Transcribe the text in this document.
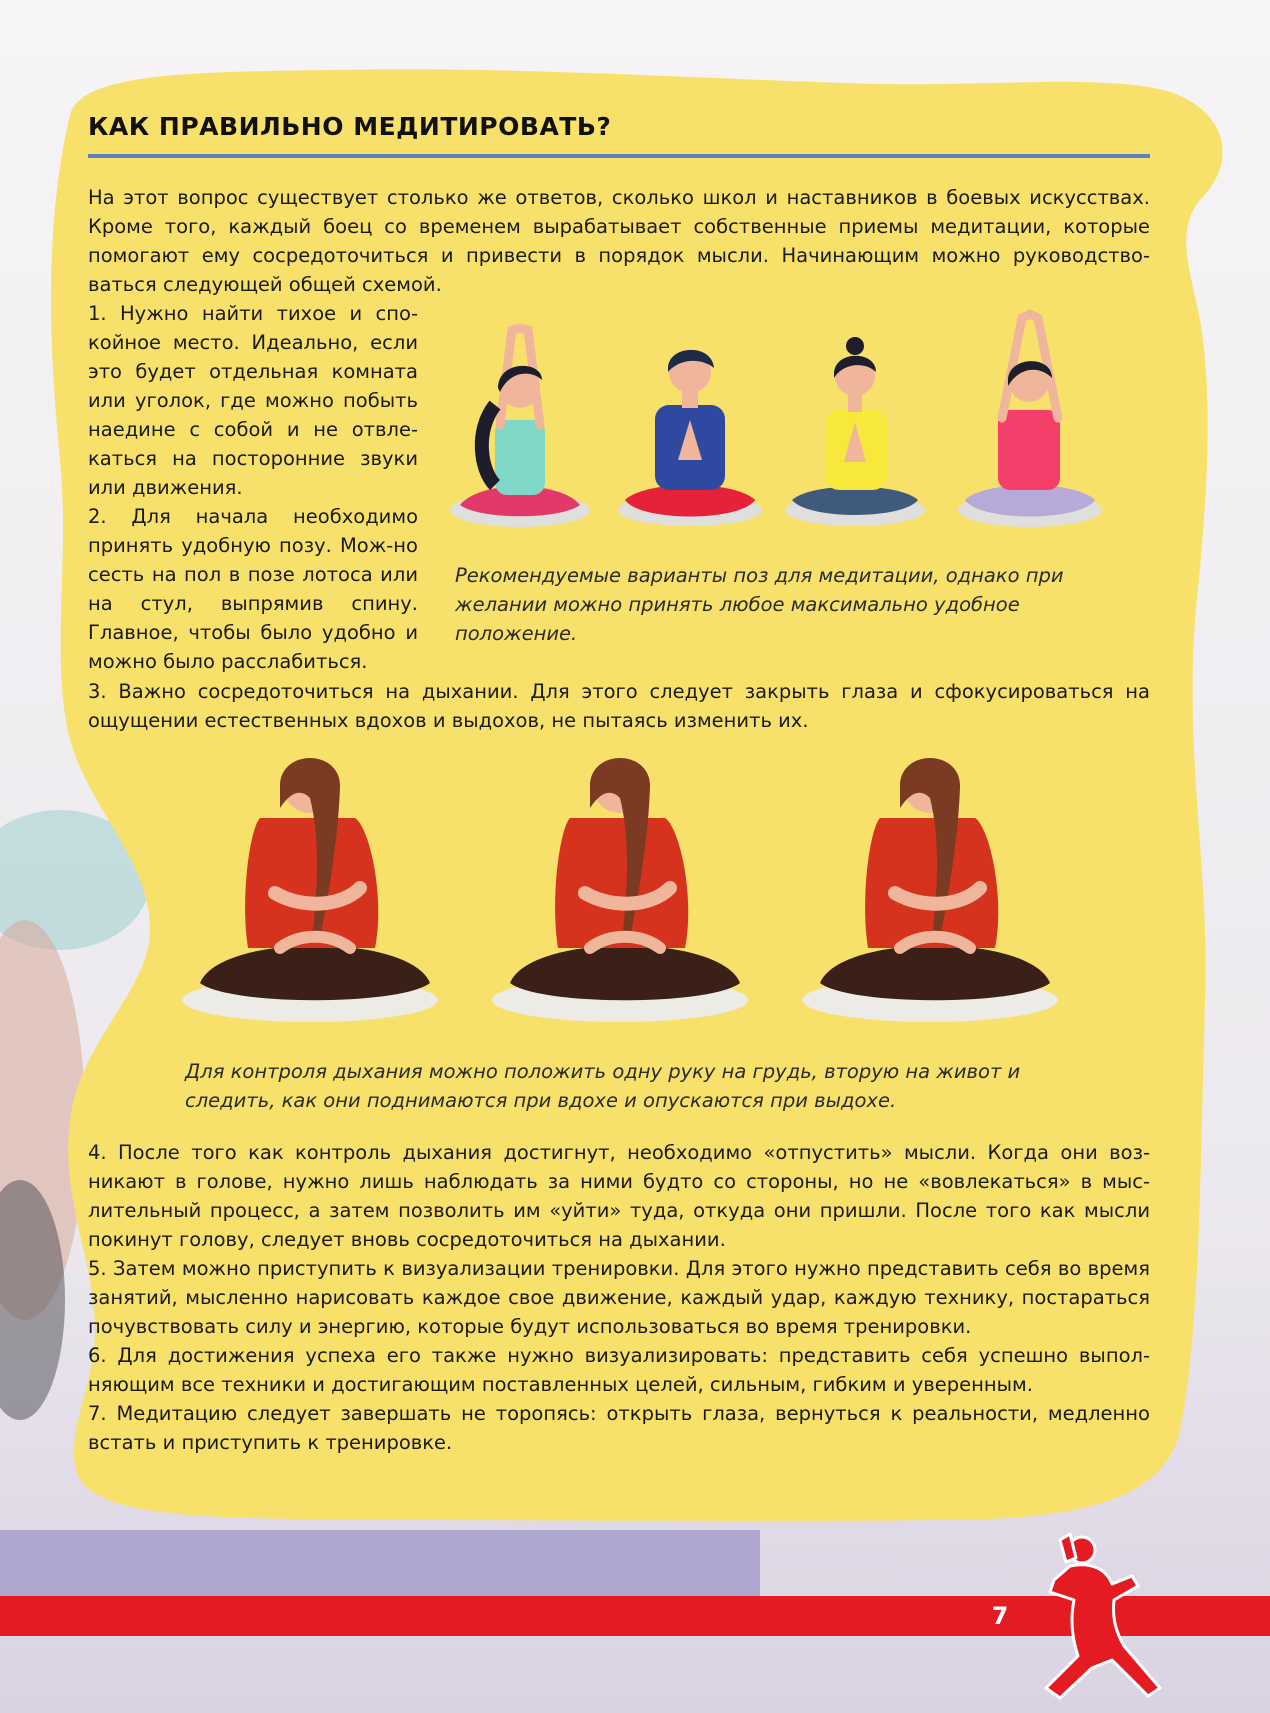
КАК ПРАВИЛЬНО МЕДИТИРОВАТЬ?

На этот вопрос существует столько же ответов, сколько школ и наставников в боевых искусствах. Кроме того, каждый боец со временем вырабатывает собственные приемы медитации, которые помогают ему сосредоточиться и привести в порядок мысли. Начинающим можно руководство-ваться следующей общей схемой.

1. Нужно найти тихое и спо-койное место. Идеально, если это будет отдельная комната или уголок, где можно побыть наедине с собой и не отвле-каться на посторонние звуки или движения.

2. Для начала необходимо принять удобную позу. Мож-но сесть на пол в позе лотоса или на стул, выпрямив спину. Главное, чтобы было удобно и можно было расслабиться.

Рекомендуемые варианты поз для медитации, однако при желании можно принять любое максимально удобное положение.

3. Важно сосредоточиться на дыхании. Для этого следует закрыть глаза и сфокусироваться на ощущении естественных вдохов и выдохов, не пытаясь изменить их.

Для контроля дыхания можно положить одну руку на грудь, вторую на живот и следить, как они поднимаются при вдохе и опускаются при выдохе.

4. После того как контроль дыхания достигнут, необходимо «отпустить» мысли. Когда они воз-никают в голове, нужно лишь наблюдать за ними будто со стороны, но не «вовлекаться» в мыс-лительный процесс, а затем позволить им «уйти» туда, откуда они пришли. После того как мысли покинут голову, следует вновь сосредоточиться на дыхании.

5. Затем можно приступить к визуализации тренировки. Для этого нужно представить себя во время занятий, мысленно нарисовать каждое свое движение, каждый удар, каждую технику, постараться почувствовать силу и энергию, которые будут использоваться во время тренировки.

6. Для достижения успеха его также нужно визуализировать: представить себя успешно выпол-няющим все техники и достигающим поставленных целей, сильным, гибким и уверенным.

7. Медитацию следует завершать не торопясь: открыть глаза, вернуться к реальности, медленно встать и приступить к тренировке.

7
